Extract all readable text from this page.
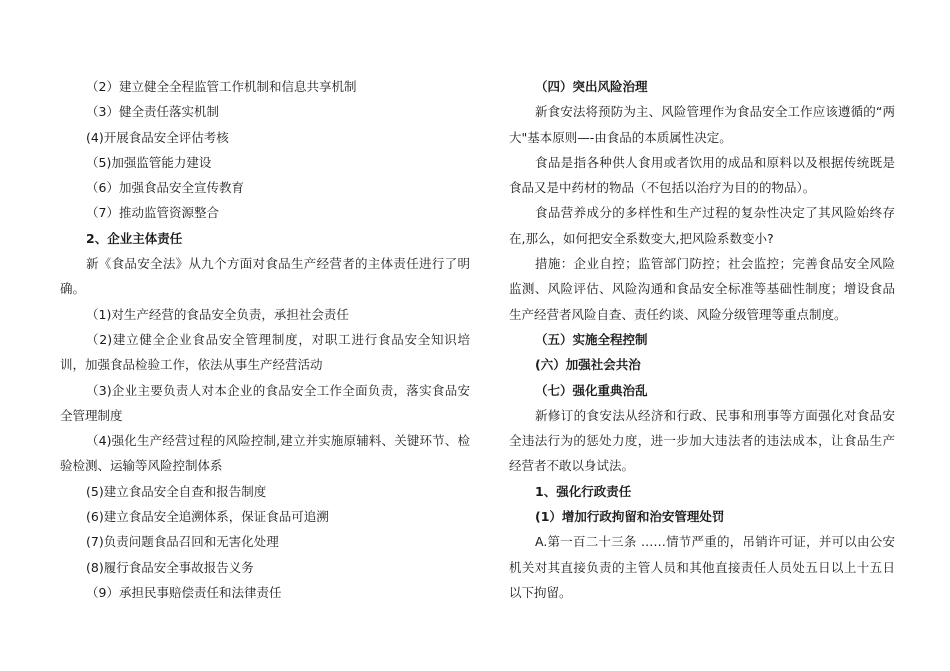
（2）建立健全全程监管工作机制和信息共享机制

（3）健全责任落实机制

(4)开展食品安全评估考核

（5)加强监管能力建设

（6）加强食品安全宣传教育

（7）推动监管资源整合

2、企业主体责任

新《食品安全法》从九个方面对食品生产经营者的主体责任进行了明确。

（1)对生产经营的食品安全负责，承担社会责任

（2)建立健全企业食品安全管理制度，对职工进行食品安全知识培训，加强食品检验工作，依法从事生产经营活动

（3)企业主要负责人对本企业的食品安全工作全面负责，落实食品安全管理制度

（4)强化生产经营过程的风险控制,建立并实施原辅料、关键环节、检验检测、运输等风险控制体系

(5)建立食品安全自查和报告制度

(6)建立食品安全追溯体系，保证食品可追溯

(7)负责问题食品召回和无害化处理

(8)履行食品安全事故报告义务

（9）承担民事赔偿责任和法律责任

（四）突出风险治理

新食安法将预防为主、风险管理作为食品安全工作应该遵循的“两大"基本原则—-由食品的本质属性决定。

食品是指各种供人食用或者饮用的成品和原料以及根据传统既是食品又是中药材的物品（不包括以治疗为目的的物品）。

食品营养成分的多样性和生产过程的复杂性决定了其风险始终存在,那么，如何把安全系数变大,把风险系数变小?

措施：企业自控；监管部门防控；社会监控；完善食品安全风险监测、风险评估、风险沟通和食品安全标准等基础性制度；增设食品生产经营者风险自查、责任约谈、风险分级管理等重点制度。

（五）实施全程控制

(六）加强社会共治

（七）强化重典治乱

新修订的食安法从经济和行政、民事和刑事等方面强化对食品安全违法行为的惩处力度，进一步加大违法者的违法成本，让食品生产经营者不敢以身试法。

1、强化行政责任

(1）增加行政拘留和治安管理处罚

A.第一百二十三条 ……情节严重的，吊销许可证，并可以由公安机关对其直接负责的主管人员和其他直接责任人员处五日以上十五日以下拘留。
